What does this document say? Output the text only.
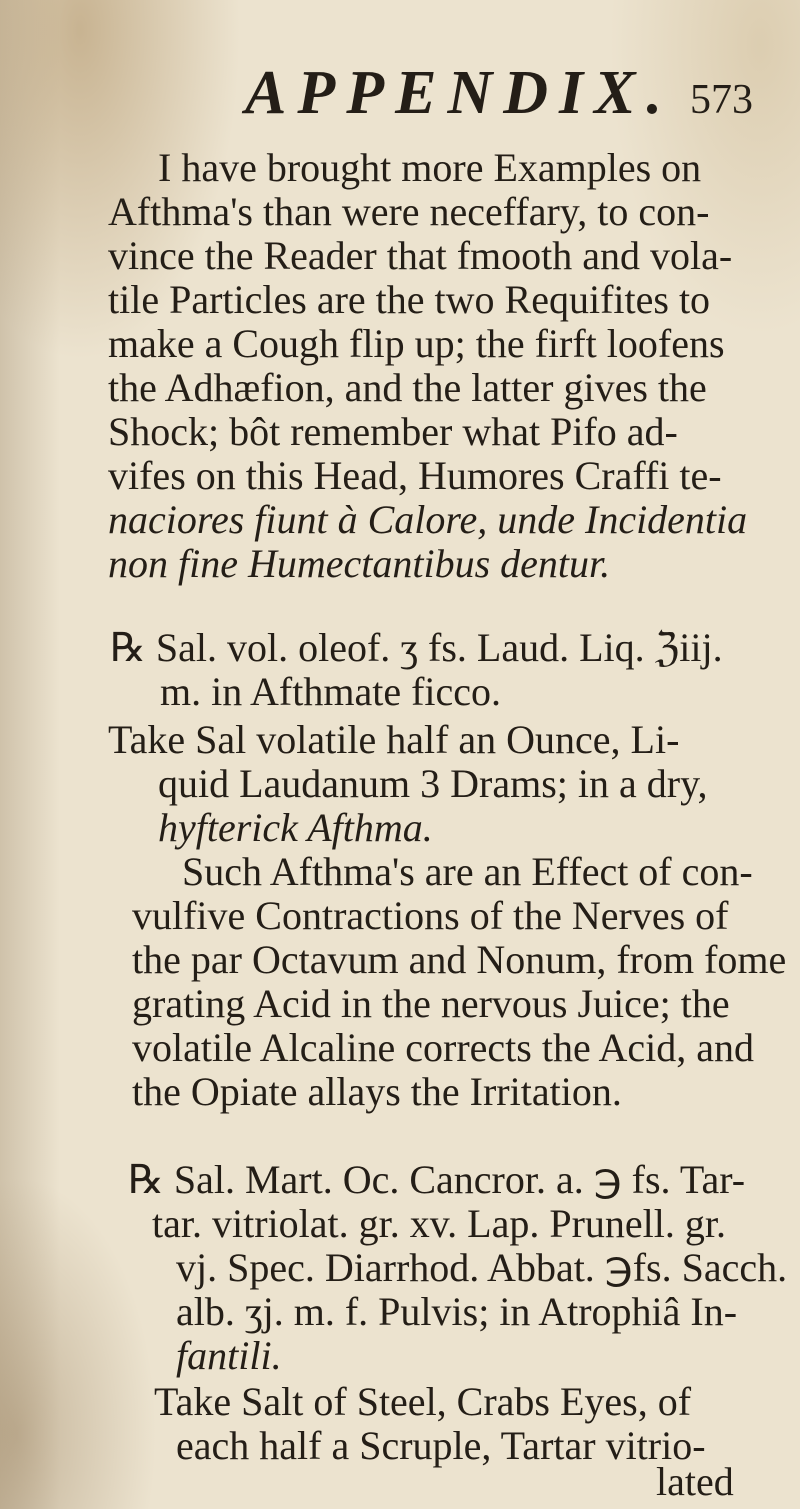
APPENDIX. 573
I have brought more Examples on
Afthma's than were neceffary, to con-
vince the Reader that fmooth and vola-
tile Particles are the two Requifites to
make a Cough flip up; the firft loofens
the Adhæfion, and the latter gives the
Shock; bôt remember what Pifo ad-
vifes on this Head, Humores Craffi te-
naciores fiunt à Calore, unde Incidentia
non fine Humectantibus dentur.
℞ Sal. vol. oleof. ʒ fs. Laud. Liq. ℨiij.
m. in Afthmate ficco.
Take Sal volatile half an Ounce, Li-
quid Laudanum 3 Drams; in a dry,
hyfterick Afthma.
Such Afthma's are an Effect of con-
vulfive Contractions of the Nerves of
the par Octavum and Nonum, from fome
grating Acid in the nervous Juice; the
volatile Alcaline corrects the Acid, and
the Opiate allays the Irritation.
℞ Sal. Mart. Oc. Cancror. a. ℈ fs. Tar-
tar. vitriolat. gr. xv. Lap. Prunell. gr.
vj. Spec. Diarrhod. Abbat. ℈fs. Sacch.
alb. ʒj. m. f. Pulvis; in Atrophiâ In-
fantili.
Take Salt of Steel, Crabs Eyes, of
each half a Scruple, Tartar vitrio-
lated
